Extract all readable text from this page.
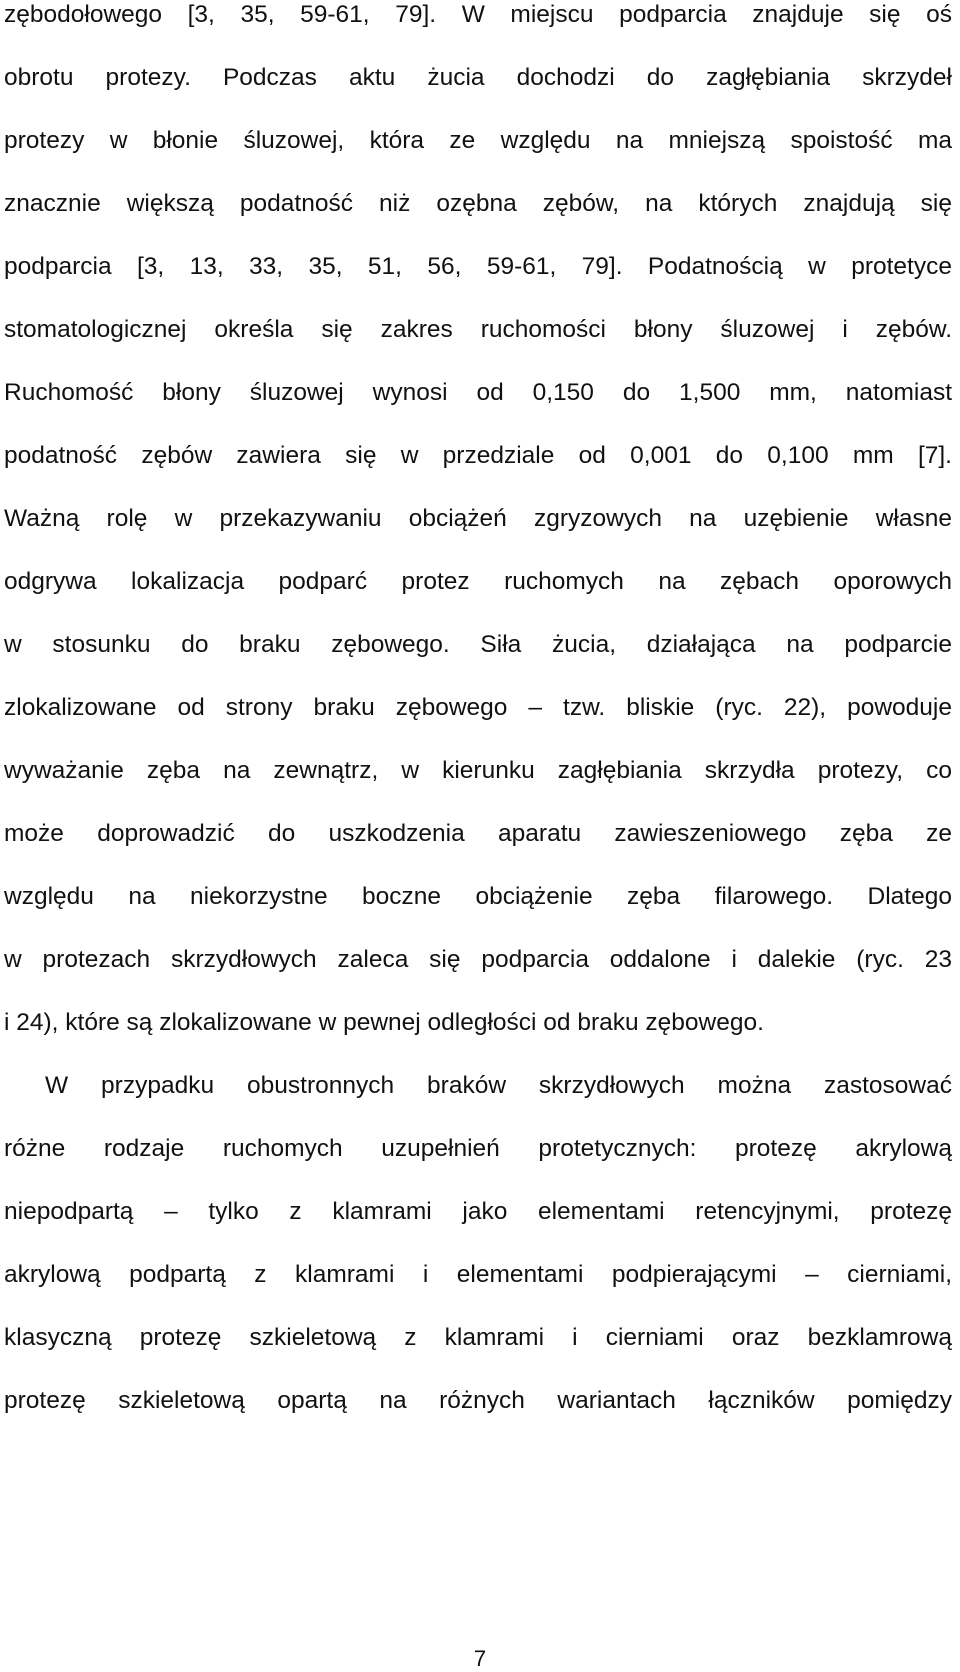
zębodołowego [3, 35, 59-61, 79]. W miejscu podparcia znajduje się oś
obrotu protezy. Podczas aktu żucia dochodzi do zagłębiania skrzydeł
protezy w błonie śluzowej, która ze względu na mniejszą spoistość ma
znacznie większą podatność niż ozębna zębów, na których znajdują się
podparcia [3, 13, 33, 35, 51, 56, 59-61, 79]. Podatnością w protetyce
stomatologicznej określa się zakres ruchomości błony śluzowej i zębów.
Ruchomość błony śluzowej wynosi od 0,150 do 1,500 mm, natomiast
podatność zębów zawiera się w przedziale od 0,001 do 0,100 mm [7].
Ważną rolę w przekazywaniu obciążeń zgryzowych na uzębienie własne
odgrywa lokalizacja podparć protez ruchomych na zębach oporowych
w stosunku do braku zębowego. Siła żucia, działająca na podparcie
zlokalizowane od strony braku zębowego – tzw. bliskie (ryc. 22), powoduje
wyważanie zęba na zewnątrz, w kierunku zagłębiania skrzydła protezy, co
może doprowadzić do uszkodzenia aparatu zawieszeniowego zęba ze
względu na niekorzystne boczne obciążenie zęba filarowego. Dlatego
w protezach skrzydłowych zaleca się podparcia oddalone i dalekie (ryc. 23
i 24), które są zlokalizowane w pewnej odległości od braku zębowego.
W przypadku obustronnych braków skrzydłowych można zastosować
różne rodzaje ruchomych uzupełnień protetycznych: protezę akrylową
niepodpartą – tylko z klamrami jako elementami retencyjnymi, protezę
akrylową podpartą z klamrami i elementami podpierającymi – cierniami,
klasyczną protezę szkieletową z klamrami i cierniami oraz bezklamrową
protezę szkieletową opartą na różnych wariantach łączników pomiędzy
7
